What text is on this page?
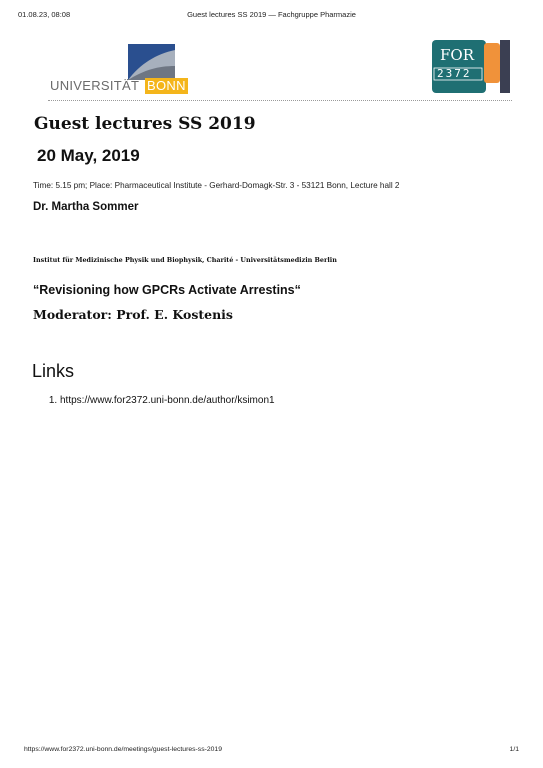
01.08.23, 08:08	Guest lectures SS 2019 — Fachgruppe Pharmazie
UNIVERSITÄT BONN
FOR
2372
Guest lectures SS 2019
20 May, 2019
Time: 5.15 pm; Place: Pharmaceutical Institute - Gerhard-Domagk-Str. 3 - 53121 Bonn, Lecture hall 2
Dr. Martha Sommer
Institut für Medizinische Physik und Biophysik, Charité - Universitätsmedizin Berlin
“Revisioning how GPCRs Activate Arrestins“
Moderator: Prof. E. Kostenis
Links
1. https://www.for2372.uni-bonn.de/author/ksimon1
https://www.for2372.uni-bonn.de/meetings/guest-lectures-ss-2019	1/1
